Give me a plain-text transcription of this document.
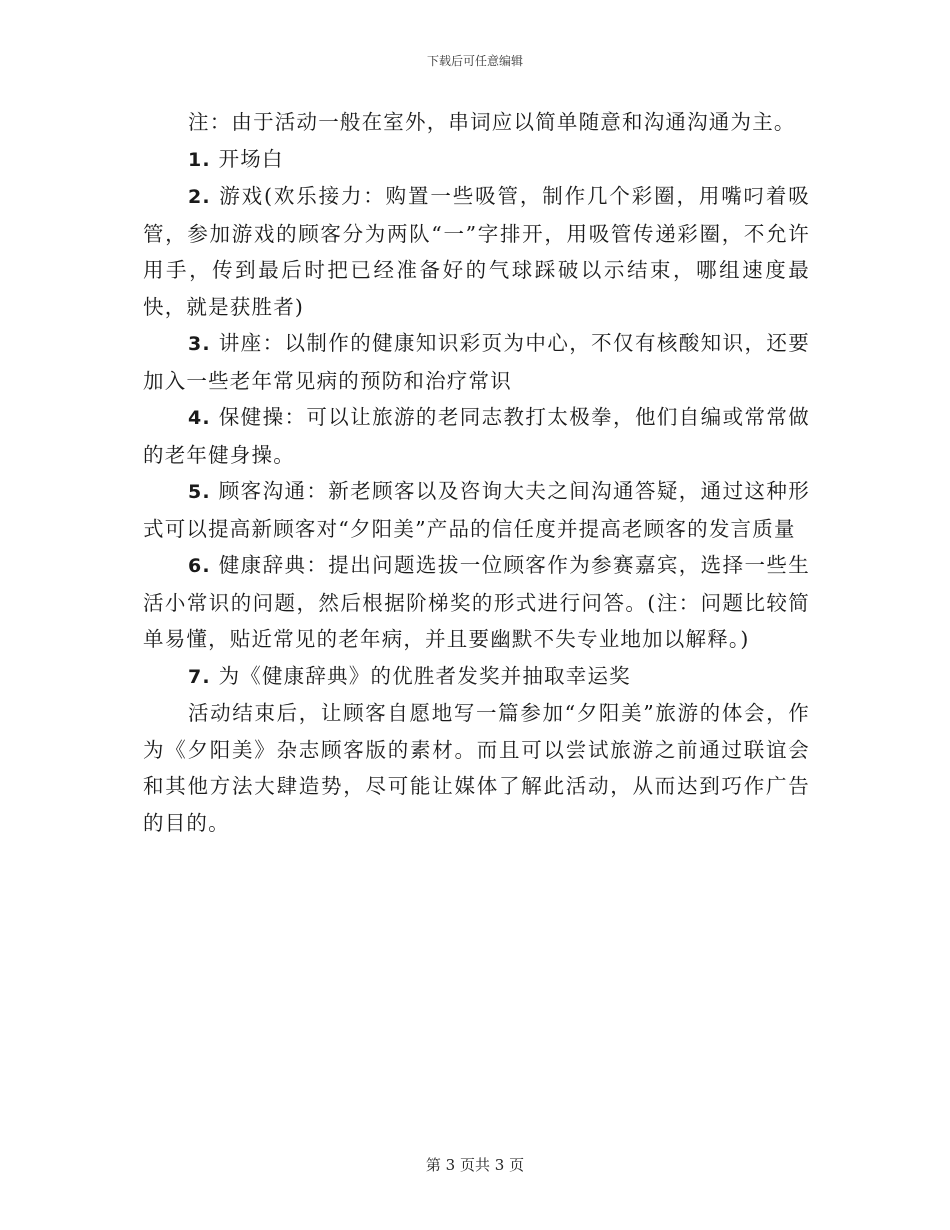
下载后可任意编辑

注：由于活动一般在室外，串词应以简单随意和沟通沟通为主。

1. 开场白

2. 游戏(欢乐接力：购置一些吸管，制作几个彩圈，用嘴叼着吸管，参加游戏的顾客分为两队“一”字排开，用吸管传递彩圈，不允许用手，传到最后时把已经准备好的气球踩破以示结束，哪组速度最快，就是获胜者)

3. 讲座：以制作的健康知识彩页为中心，不仅有核酸知识，还要加入一些老年常见病的预防和治疗常识

4. 保健操：可以让旅游的老同志教打太极拳，他们自编或常常做的老年健身操。

5. 顾客沟通：新老顾客以及咨询大夫之间沟通答疑，通过这种形式可以提高新顾客对“夕阳美”产品的信任度并提高老顾客的发言质量

6. 健康辞典：提出问题选拔一位顾客作为参赛嘉宾，选择一些生活小常识的问题，然后根据阶梯奖的形式进行问答。(注：问题比较简单易懂，贴近常见的老年病，并且要幽默不失专业地加以解释。)

7. 为《健康辞典》的优胜者发奖并抽取幸运奖

活动结束后，让顾客自愿地写一篇参加“夕阳美”旅游的体会，作为《夕阳美》杂志顾客版的素材。而且可以尝试旅游之前通过联谊会和其他方法大肆造势，尽可能让媒体了解此活动，从而达到巧作广告的目的。

第 3 页共 3 页
